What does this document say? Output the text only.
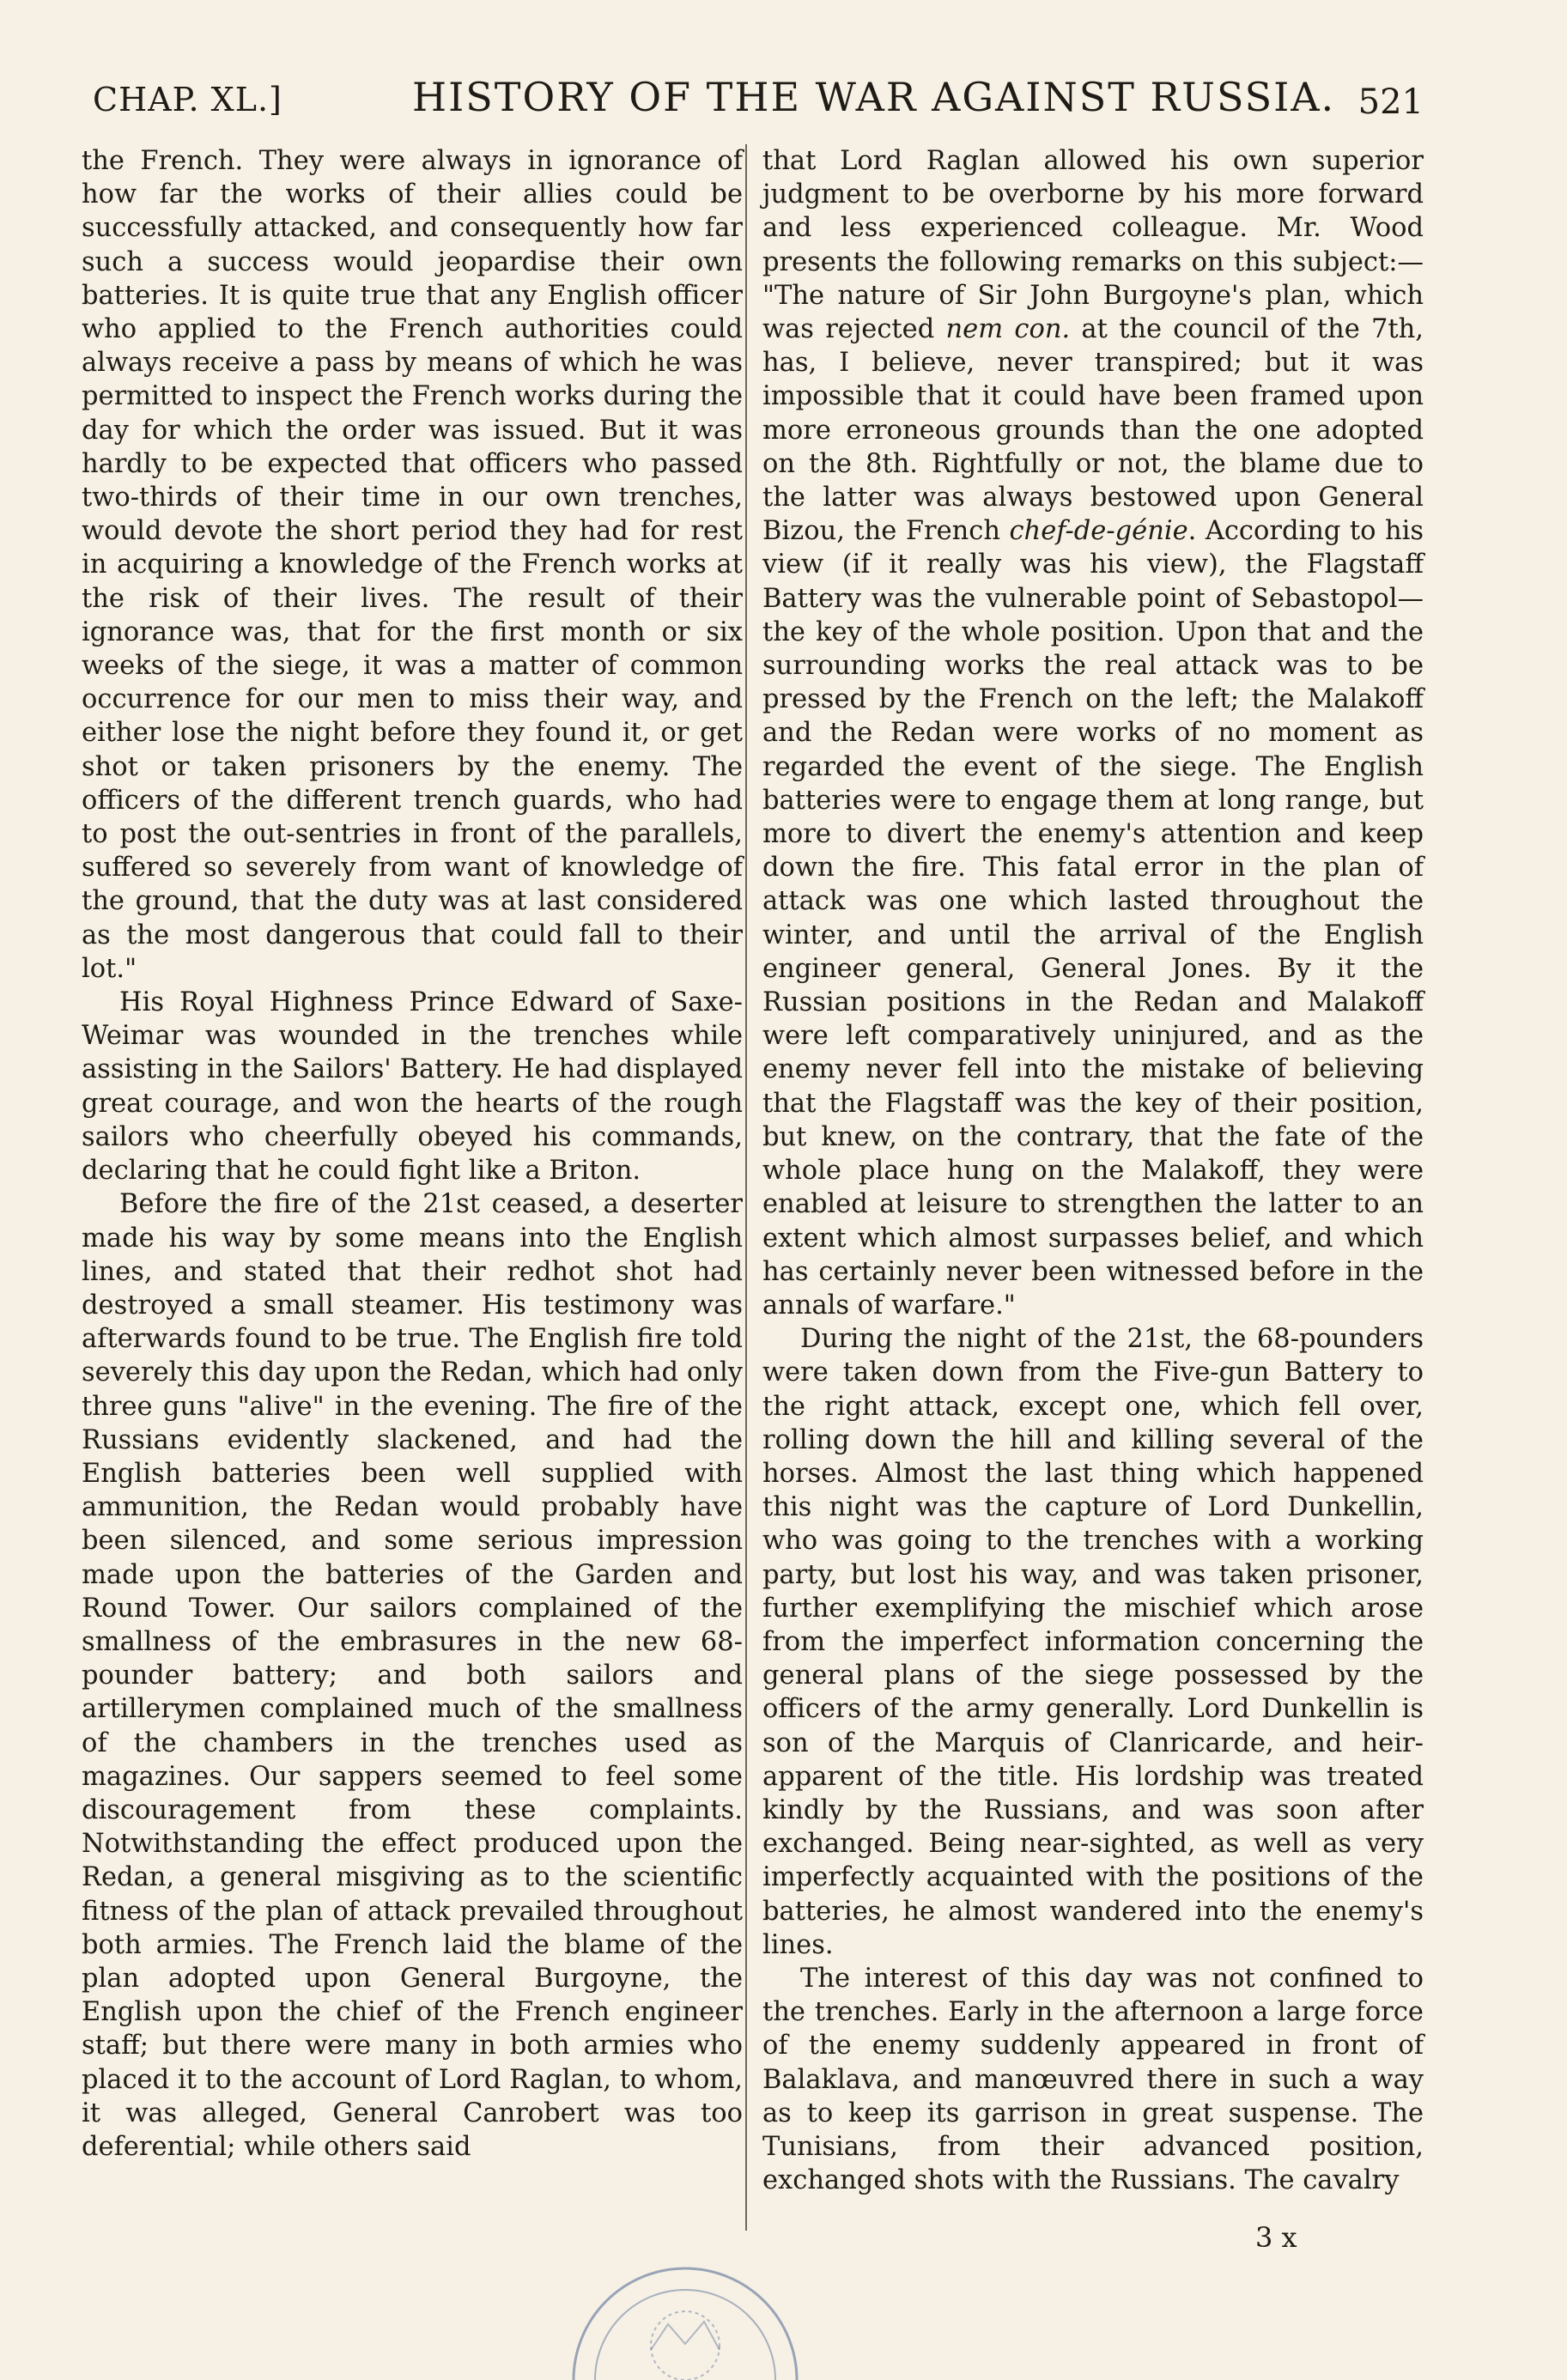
CHAP. XL.]	HISTORY OF THE WAR AGAINST RUSSIA. 521

the French. They were always in ignorance of how far the works of their allies could be successfully attacked, and consequently how far such a success would jeopardise their own batteries. It is quite true that any English officer who applied to the French authorities could always receive a pass by means of which he was permitted to inspect the French works during the day for which the order was issued. But it was hardly to be expected that officers who passed two-thirds of their time in our own trenches, would devote the short period they had for rest in acquiring a knowledge of the French works at the risk of their lives. The result of their ignorance was, that for the first month or six weeks of the siege, it was a matter of common occurrence for our men to miss their way, and either lose the night before they found it, or get shot or taken prisoners by the enemy. The officers of the different trench guards, who had to post the out-sentries in front of the parallels, suffered so severely from want of knowledge of the ground, that the duty was at last considered as the most dangerous that could fall to their lot."

His Royal Highness Prince Edward of Saxe-Weimar was wounded in the trenches while assisting in the Sailors' Battery. He had displayed great courage, and won the hearts of the rough sailors who cheerfully obeyed his commands, declaring that he could fight like a Briton.

Before the fire of the 21st ceased, a deserter made his way by some means into the English lines, and stated that their redhot shot had destroyed a small steamer. His testimony was afterwards found to be true. The English fire told severely this day upon the Redan, which had only three guns "alive" in the evening. The fire of the Russians evidently slackened, and had the English batteries been well supplied with ammunition, the Redan would probably have been silenced, and some serious impression made upon the batteries of the Garden and Round Tower. Our sailors complained of the smallness of the embrasures in the new 68-pounder battery; and both sailors and artillerymen complained much of the smallness of the chambers in the trenches used as magazines. Our sappers seemed to feel some discouragement from these complaints. Notwithstanding the effect produced upon the Redan, a general misgiving as to the scientific fitness of the plan of attack prevailed throughout both armies. The French laid the blame of the plan adopted upon General Burgoyne, the English upon the chief of the French engineer staff; but there were many in both armies who placed it to the account of Lord Raglan, to whom, it was alleged, General Canrobert was too deferential; while others said

that Lord Raglan allowed his own superior judgment to be overborne by his more forward and less experienced colleague. Mr. Wood presents the following remarks on this subject:— "The nature of Sir John Burgoyne's plan, which was rejected nem con. at the council of the 7th, has, I believe, never transpired; but it was impossible that it could have been framed upon more erroneous grounds than the one adopted on the 8th. Rightfully or not, the blame due to the latter was always bestowed upon General Bizou, the French chef-de-génie. According to his view (if it really was his view), the Flagstaff Battery was the vulnerable point of Sebastopol—the key of the whole position. Upon that and the surrounding works the real attack was to be pressed by the French on the left; the Malakoff and the Redan were works of no moment as regarded the event of the siege. The English batteries were to engage them at long range, but more to divert the enemy's attention and keep down the fire. This fatal error in the plan of attack was one which lasted throughout the winter, and until the arrival of the English engineer general, General Jones. By it the Russian positions in the Redan and Malakoff were left comparatively uninjured, and as the enemy never fell into the mistake of believing that the Flagstaff was the key of their position, but knew, on the contrary, that the fate of the whole place hung on the Malakoff, they were enabled at leisure to strengthen the latter to an extent which almost surpasses belief, and which has certainly never been witnessed before in the annals of warfare."

During the night of the 21st, the 68-pounders were taken down from the Five-gun Battery to the right attack, except one, which fell over, rolling down the hill and killing several of the horses. Almost the last thing which happened this night was the capture of Lord Dunkellin, who was going to the trenches with a working party, but lost his way, and was taken prisoner, further exemplifying the mischief which arose from the imperfect information concerning the general plans of the siege possessed by the officers of the army generally. Lord Dunkellin is son of the Marquis of Clanricarde, and heir-apparent of the title. His lordship was treated kindly by the Russians, and was soon after exchanged. Being near-sighted, as well as very imperfectly acquainted with the positions of the batteries, he almost wandered into the enemy's lines.

The interest of this day was not confined to the trenches. Early in the afternoon a large force of the enemy suddenly appeared in front of Balaklava, and manœuvred there in such a way as to keep its garrison in great suspense. The Tunisians, from their advanced position, exchanged shots with the Russians. The cavalry

3 x
